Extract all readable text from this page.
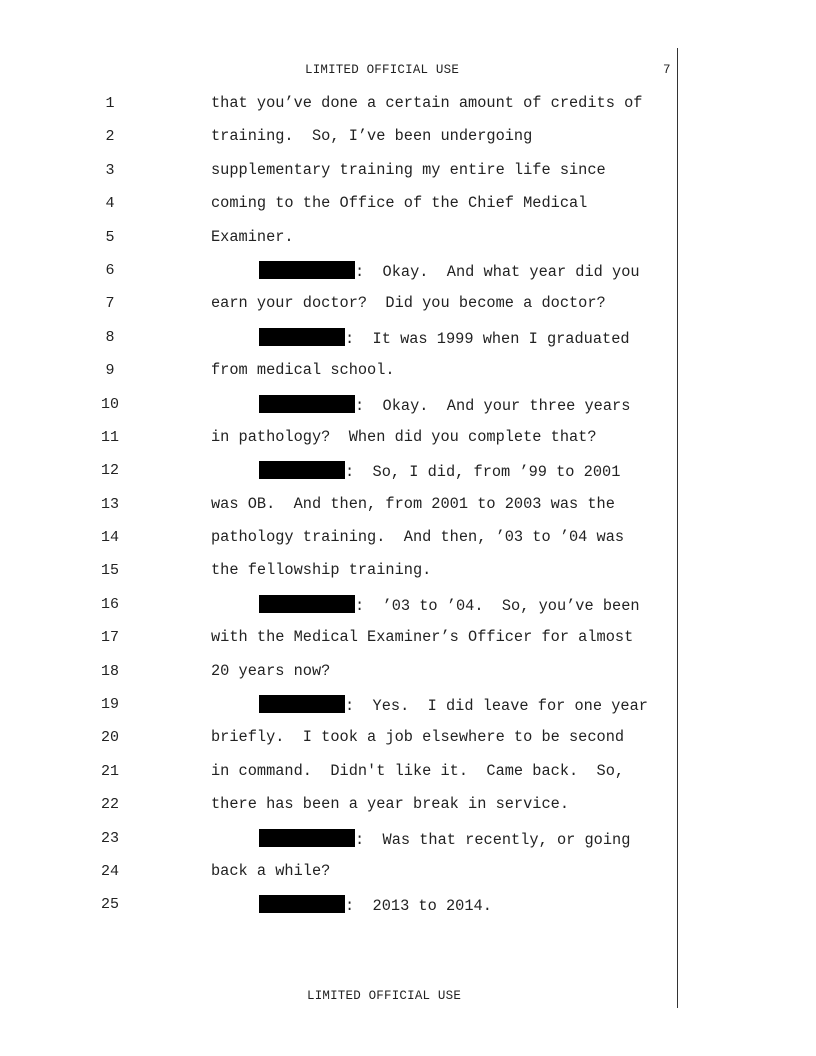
LIMITED OFFICIAL USE	7
1	that you’ve done a certain amount of credits of
2	training.  So, I’ve been undergoing
3	supplementary training my entire life since
4	coming to the Office of the Chief Medical
5	Examiner.
6	:  Okay.  And what year did you
7	earn your doctor?  Did you become a doctor?
8	:  It was 1999 when I graduated
9	from medical school.
10	:  Okay.  And your three years
11	in pathology?  When did you complete that?
12	:  So, I did, from ’99 to 2001
13	was OB.  And then, from 2001 to 2003 was the
14	pathology training.  And then, ’03 to ’04 was
15	the fellowship training.
16	:  ’03 to ’04.  So, you’ve been
17	with the Medical Examiner’s Officer for almost
18	20 years now?
19	:  Yes.  I did leave for one year
20	briefly.  I took a job elsewhere to be second
21	in command.  Didn't like it.  Came back.  So,
22	there has been a year break in service.
23	:  Was that recently, or going
24	back a while?
25	:  2013 to 2014.
LIMITED OFFICIAL USE
